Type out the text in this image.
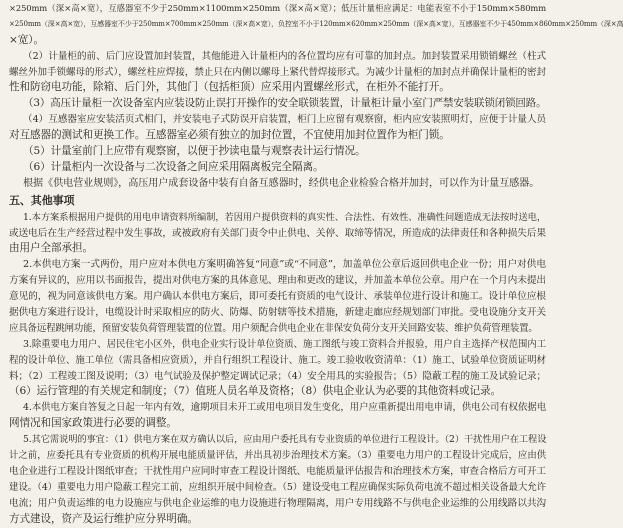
×250mm（深×高×宽），互感器室不少于250mm×1100mm×250mm（深×高×宽）；低压计量柜应满足：电能表室不小于150mm×580mm
×250mm（深×高×宽），互感器室不少于250mm×700mm×250mm（深×高×宽），负控室不小于120mm×620mm×250mm（深×高×宽），互感器室不少于450mm×860mm×250mm（深×高
×宽）。
（2）计量柜的前、后门应设置加封装置，其他能进入计量柜内的各位置均应有可靠的加封点。加封装置采用锁销螺丝（柱式
螺丝外加手锁螺母的形式），螺丝柱应焊接，禁止只在内侧以螺母上紧代替焊接形式。为减少计量柜的加封点并确保计量柜的密封
性和防窃电功能，除箱、后门外，其他门（包括柜顶）应采用内置螺丝形式，在柜外不能打开。
（3）高压计量柜一次设备室内应装设防止误打开操作的安全联锁装置，计量柜计量小室门严禁安装联锁闭锁回路。
（4）互感器室应安装活页式相门，并安装电子式防误开启装置，柜门上应留有观察窗，柜内应安装照明灯，应便于计量人员
对互感器的测试和更换工作。互感器室必须有独立的加封位置，不宜使用加封位置作为柜门锁。
（5）计量室前门上应带有观察窗，以便于抄读电量与观察表计运行情况。
（6）计量柜内一次设备与二次设备之间应采用隔离板完全隔离。
根据《供电营业规则》，高压用户成套设备中装有自备互感器时，经供电企业检验合格并加封，可以作为计量互感器。
五、其他事项
1.本方案系根据用户提供的用电申请资料所编制，若因用户提供资料的真实性、合法性、有效性、准确性问题造成无法按时送电，
或送电后在生产经营过程中发生事故，或被政府有关部门责令中止供电、关停、取缔等情况，所造成的法律责任和各种损失后果
由用户全部承担。
2.本供电方案一式两份，用户应对本供电方案明确答复“同意”或“不同意”，加盖单位公章后返回供电企业一份；用户对供电
方案有异议的，应用以书面报告，提出对供电方案的具体意见、理由和更改的建议，并加盖本单位公章。用户在一个月内未提出
意见的，视为同意该供电方案。用户确认本供电方案后，即可委托有资质的电气设计、承装单位进行设计和施工。设计单位应根
据供电方案进行设计，电缆设计时采取相应的防火、防爆、防射辖等技术措施，新建走廊应经规划部门审批。受电设施分支开关
应具备远程跳闸功能，预留安装负荷管理装置的位置。用户须配合供电企业在非保安负荷分支开关回路安装、维护负荷管理装置。
3.除重要电力用户、居民住宅小区外，供电企业实行设计单位资质、施工图纸与竣工资料合并报验，用户自主选择产权范围内工
程的设计单位、施工单位（需具备相应资质），并自行组织工程设计、施工。竣工验收收资清单：（1）施工、试验单位资质证明材
料；（2）工程竣工图及说明；（3）电气试验及保护整定调试记录；（4）安全用具的实验报告；（5）隐蔽工程的施工及试验记录；
（6）运行管理的有关规定和制度；（7）值班人员名单及资格；（8）供电企业认为必要的其他资料或记录。
4.本供电方案自答复之日起一年内有效，逾期项目未开工或用电项目发生变化，用户应重新提出用电申请，供电公司有权依据电
网情况和国家政策进行必要的调整。
5.其它需说明的事宜：（1）供电方案在双方确认以后，应由用户委托具有专业资质的单位进行工程设计。（2）干扰性用户在工程设
计之前，应委托具有专业资质的机构开展电能质量评估，并出具初步治理技术方案。（3）重要电力用户的工程设计完成后，应由供
电企业进行工程设计图纸审查；干扰性用户应同时审查工程设计图纸、电能质量评估报告和治理技术方案，审查合格后方可开工
建设。（4）重要电力用户隐蔽工程完工前，应组织开展中间检查。（5）建设受电工程应确保实际负荷电流不超过相关设备最大允许
电流；用户负责运维的电力设施应与供电企业运维的电力设施进行物理隔离，用户专用线路不与供电企业运维的公用线路以共沟
方式建设，资产及运行维护应分界明确。
